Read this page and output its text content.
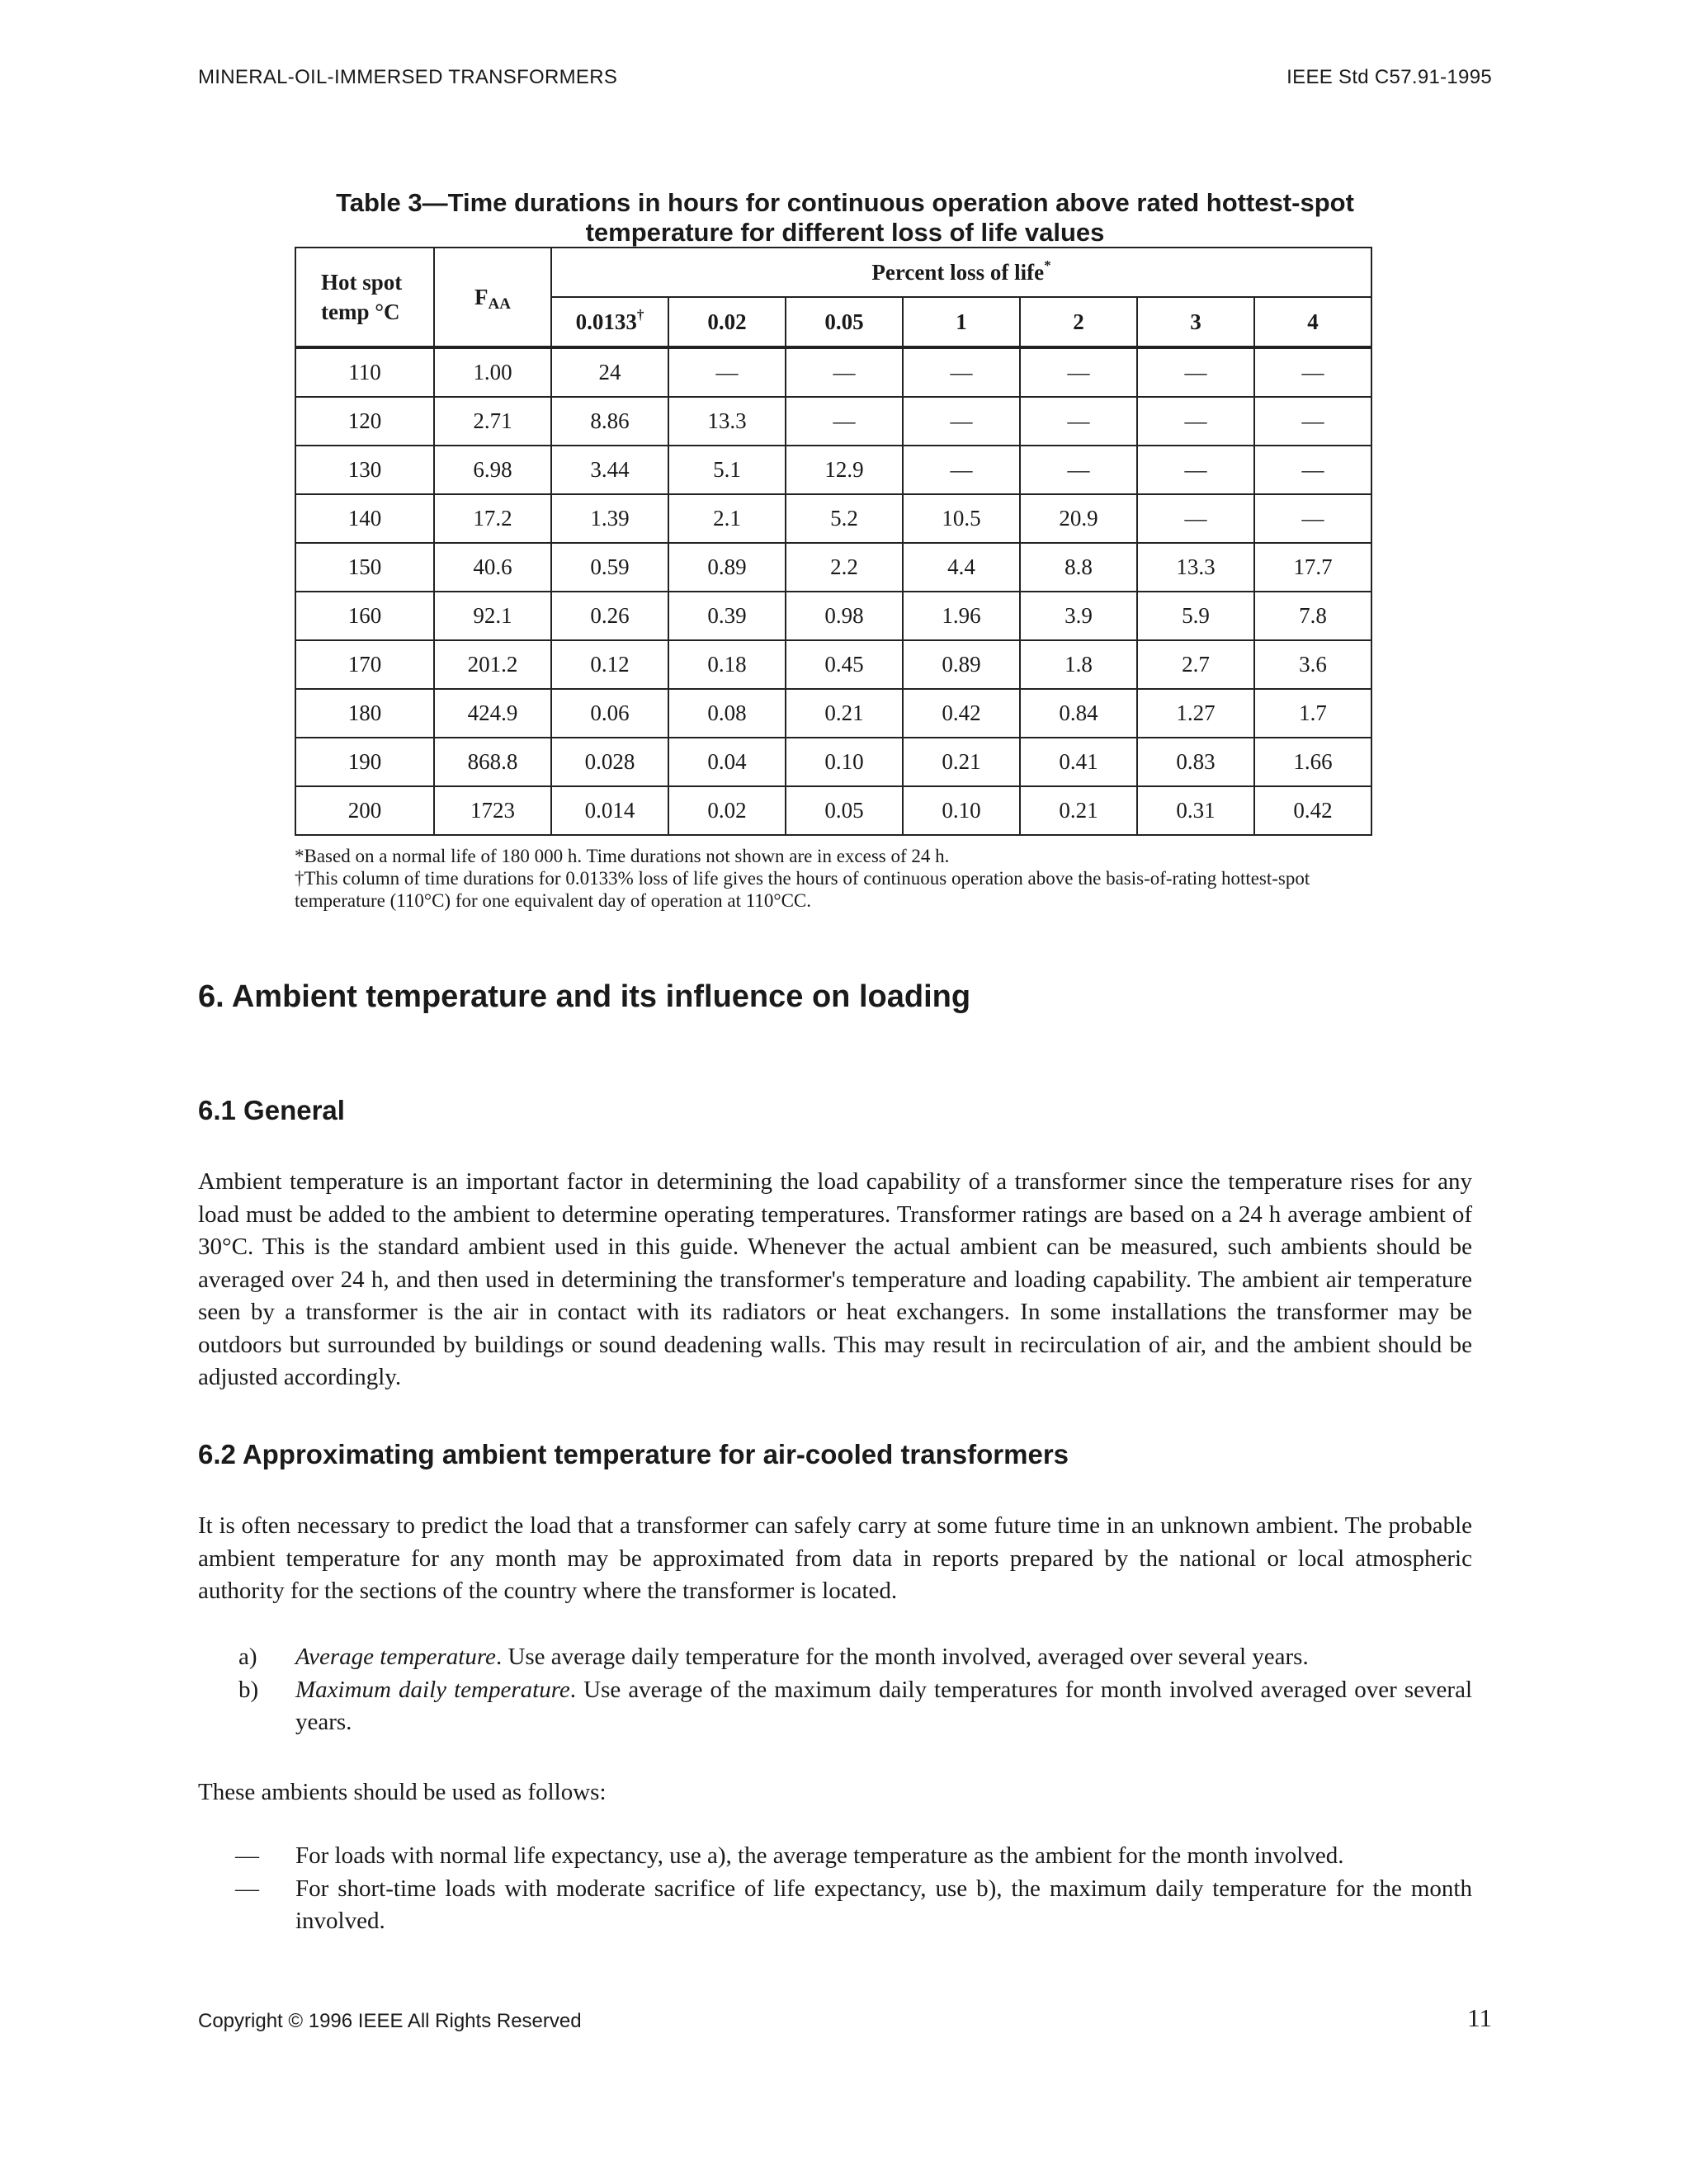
MINERAL-OIL-IMMERSED TRANSFORMERS	IEEE Std C57.91-1995
Table 3—Time durations in hours for continuous operation above rated hottest-spot
temperature for different loss of life values
Hot spot
temp °C	$F_{AA}$	Percent loss of life*
		0.0133†	0.02	0.05	1	2	3	4
110	1.00	24	—	—	—	—	—	—
120	2.71	8.86	13.3	—	—	—	—	—
130	6.98	3.44	5.1	12.9	—	—	—	—
140	17.2	1.39	2.1	5.2	10.5	20.9	—	—
150	40.6	0.59	0.89	2.2	4.4	8.8	13.3	17.7
160	92.1	0.26	0.39	0.98	1.96	3.9	5.9	7.8
170	201.2	0.12	0.18	0.45	0.89	1.8	2.7	3.6
180	424.9	0.06	0.08	0.21	0.42	0.84	1.27	1.7
190	868.8	0.028	0.04	0.10	0.21	0.41	0.83	1.66
200	1723	0.014	0.02	0.05	0.10	0.21	0.31	0.42
*Based on a normal life of 180 000 h. Time durations not shown are in excess of 24 h.
†This column of time durations for 0.0133% loss of life gives the hours of continuous operation above the basis-of-rating hottest-spot temperature (110°C) for one equivalent day of operation at 110°CC.
6. Ambient temperature and its influence on loading
6.1 General

Ambient temperature is an important factor in determining the load capability of a transformer since the temperature rises for any load must be added to the ambient to determine operating temperatures. Transformer ratings are based on a 24 h average ambient of 30°C. This is the standard ambient used in this guide. Whenever the actual ambient can be measured, such ambients should be averaged over 24 h, and then used in determining the transformer's temperature and loading capability. The ambient air temperature seen by a transformer is the air in contact with its radiators or heat exchangers. In some installations the transformer may be outdoors but surrounded by buildings or sound deadening walls. This may result in recirculation of air, and the ambient should be adjusted accordingly.

6.2 Approximating ambient temperature for air-cooled transformers

It is often necessary to predict the load that a transformer can safely carry at some future time in an unknown ambient. The probable ambient temperature for any month may be approximated from data in reports prepared by the national or local atmospheric authority for the sections of the country where the transformer is located.

a) Average temperature. Use average daily temperature for the month involved, averaged over several years.
b) Maximum daily temperature. Use average of the maximum daily temperatures for month involved averaged over several years.

These ambients should be used as follows:

— For loads with normal life expectancy, use a), the average temperature as the ambient for the month involved.
— For short-time loads with moderate sacrifice of life expectancy, use b), the maximum daily temperature for the month involved.
Copyright © 1996 IEEE All Rights Reserved	11
